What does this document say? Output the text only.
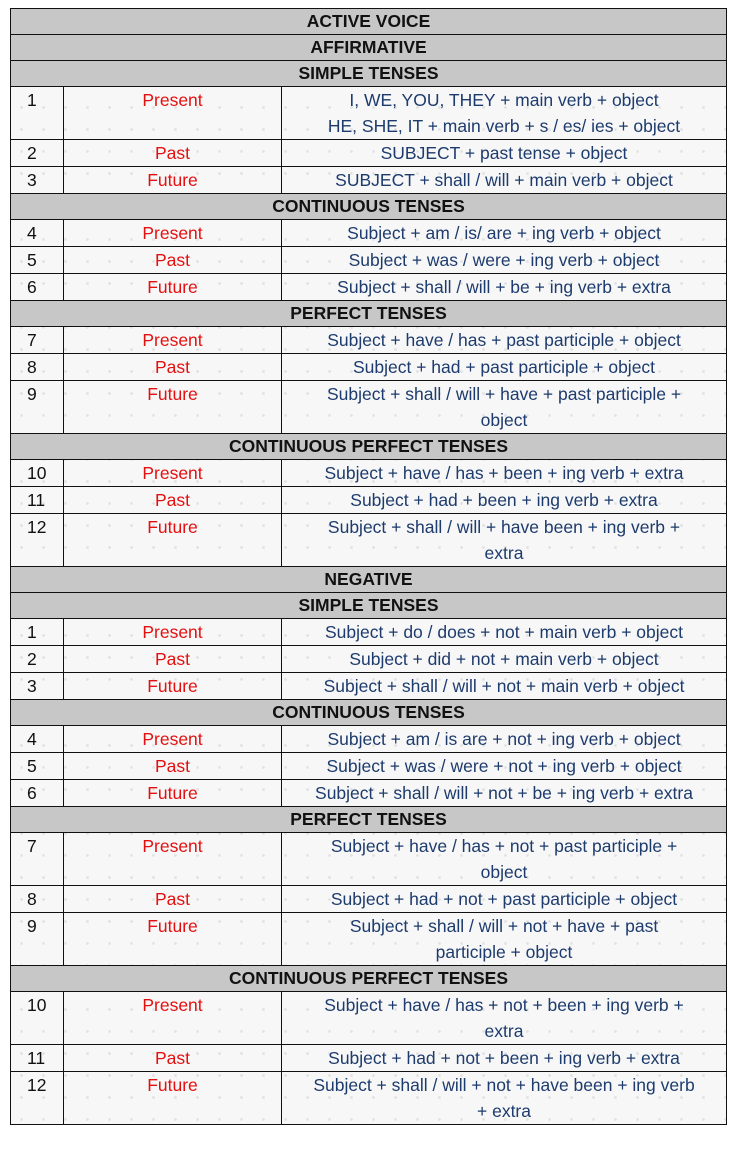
ACTIVE VOICE		
AFFIRMATIVE		
SIMPLE TENSES		
1	Present	I, WE, YOU, THEY + main verb + object
HE, SHE, IT + main verb + s / es/ ies + object

2	Past	SUBJECT + past tense + object

3	Future	SUBJECT + shall / will + main verb + object

CONTINUOUS TENSES		
4	Present	Subject + am / is/ are + ing verb + object

5	Past	Subject + was / were + ing verb + object

6	Future	Subject + shall / will + be + ing verb + extra

PERFECT TENSES		
7	Present	Subject + have / has + past participle + object

8	Past	Subject + had + past participle + object

9	Future	Subject + shall / will + have + past participle +
object

CONTINUOUS PERFECT TENSES		
10	Present	Subject + have / has + been + ing verb + extra

11	Past	Subject + had + been + ing verb + extra

12	Future	Subject + shall / will + have been + ing verb +
extra

NEGATIVE		
SIMPLE TENSES		
1	Present	Subject + do / does + not + main verb + object

2	Past	Subject + did + not + main verb + object

3	Future	Subject + shall / will + not + main verb + object

CONTINUOUS TENSES		
4	Present	Subject + am / is are + not + ing verb + object

5	Past	Subject + was / were + not + ing verb + object

6	Future	Subject + shall / will + not + be + ing verb + extra

PERFECT TENSES		
7	Present	Subject + have / has + not + past participle +
object

8	Past	Subject + had + not + past participle + object

9	Future	Subject + shall / will + not + have + past
participle + object

CONTINUOUS PERFECT TENSES		
10	Present	Subject + have / has + not + been + ing verb +
extra

11	Past	Subject + had + not + been + ing verb + extra

12	Future	Subject + shall / will + not + have been + ing verb
+ extra
